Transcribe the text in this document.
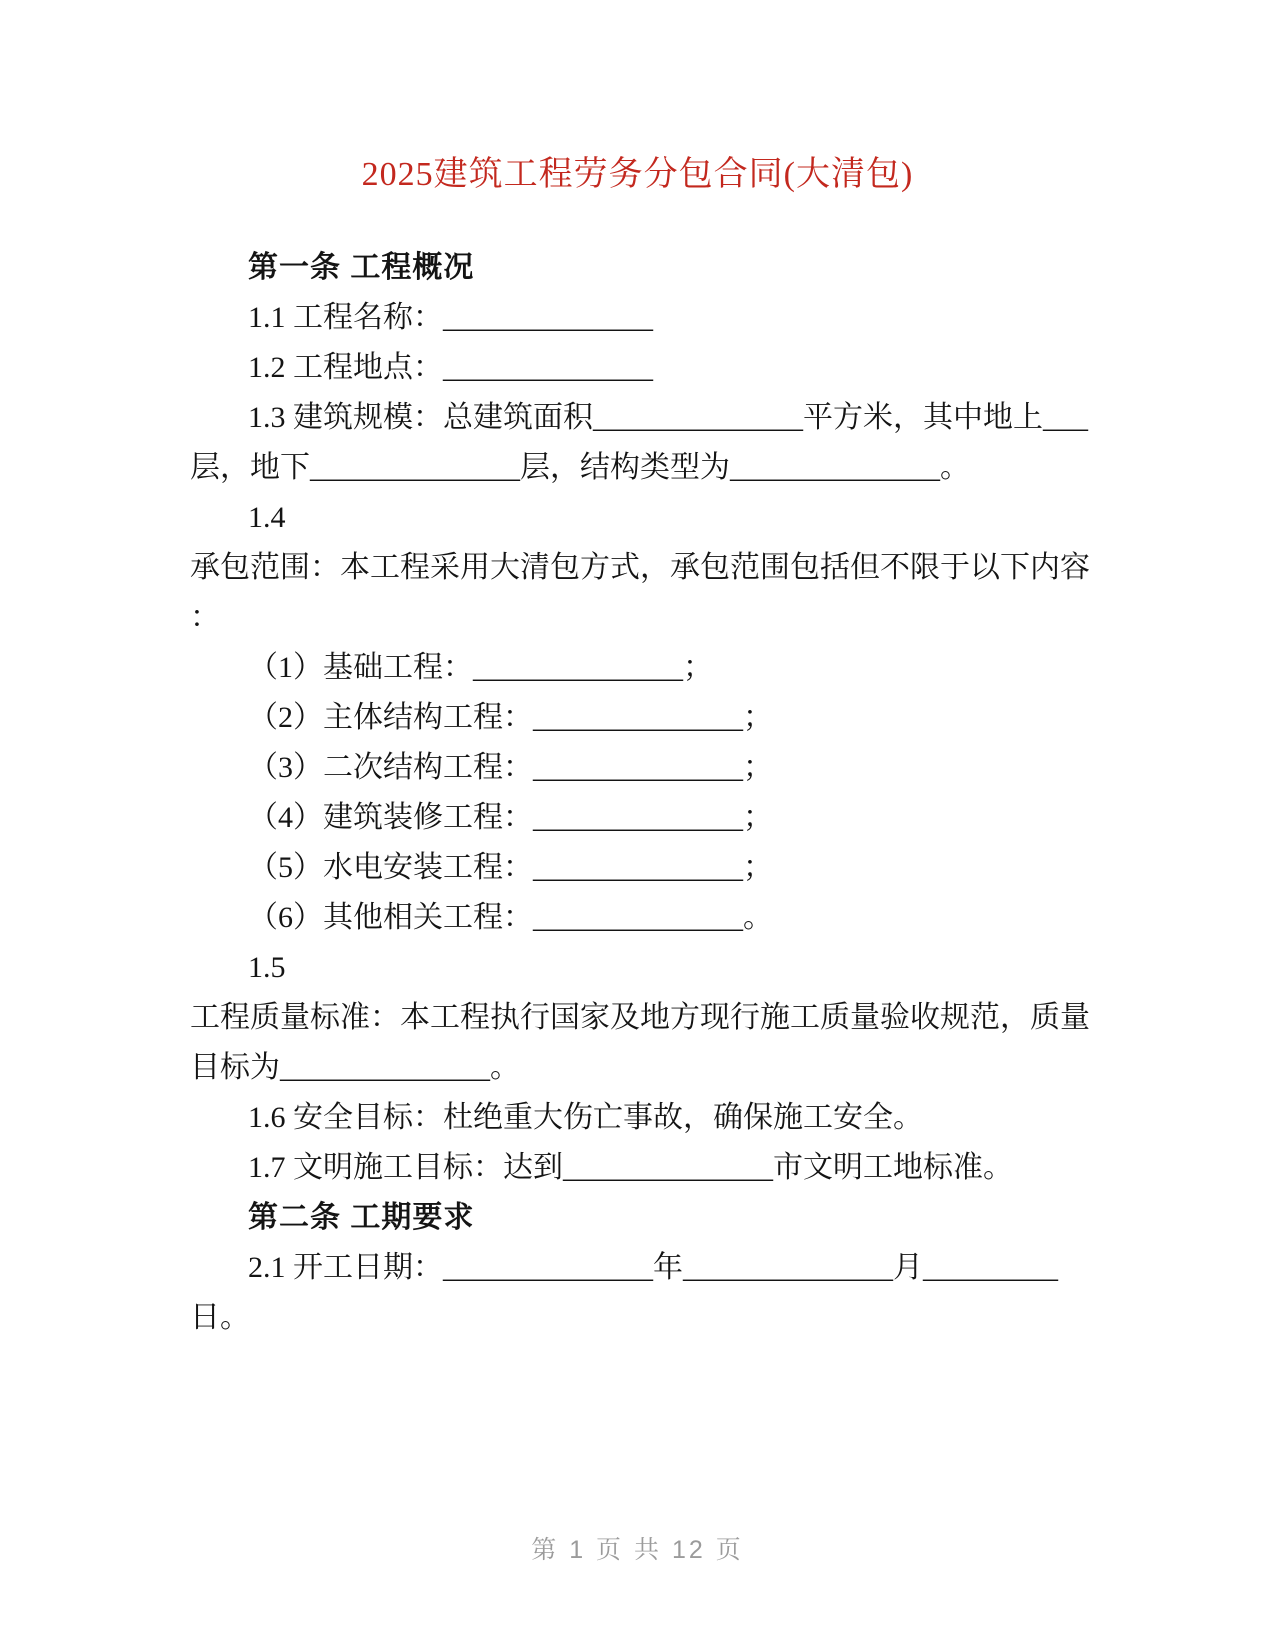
2025建筑工程劳务分包合同(大清包)
第一条 工程概况
1.1 工程名称：______________
1.2 工程地点：______________
1.3 建筑规模：总建筑面积______________平方米，其中地上___
层，地下______________层，结构类型为______________。
1.4
承包范围：本工程采用大清包方式，承包范围包括但不限于以下内容
：
（1）基础工程：______________；
（2）主体结构工程：______________；
（3）二次结构工程：______________；
（4）建筑装修工程：______________；
（5）水电安装工程：______________；
（6）其他相关工程：______________。
1.5
工程质量标准：本工程执行国家及地方现行施工质量验收规范，质量
目标为______________。
1.6 安全目标：杜绝重大伤亡事故，确保施工安全。
1.7 文明施工目标：达到______________市文明工地标准。
第二条 工期要求
2.1 开工日期：______________年______________月_________
日。
第 1 页 共 12 页
